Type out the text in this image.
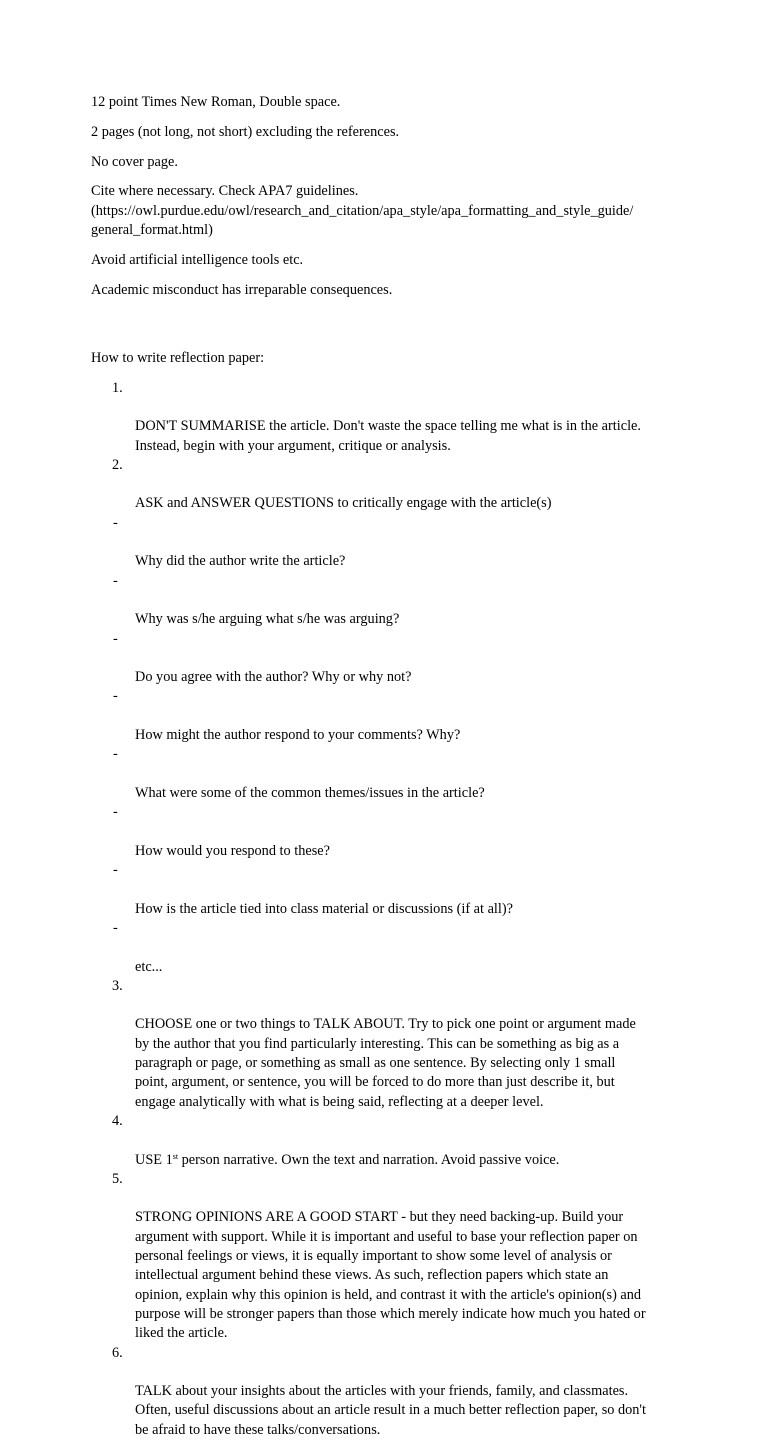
12 point Times New Roman, Double space.

2 pages (not long, not short) excluding the references.

No cover page.

Cite where necessary. Check APA7 guidelines.
(https://owl.purdue.edu/owl/research_and_citation/apa_style/apa_formatting_and_style_guide/
general_format.html)

Avoid artificial intelligence tools etc.

Academic misconduct has irreparable consequences.

How to write reflection paper:

1.

DON'T SUMMARISE the article. Don't waste the space telling me what is in the article.
Instead, begin with your argument, critique or analysis.

2.

ASK and ANSWER QUESTIONS to critically engage with the article(s)

-

Why did the author write the article?

-

Why was s/he arguing what s/he was arguing?

-

Do you agree with the author? Why or why not?

-

How might the author respond to your comments? Why?

-

What were some of the common themes/issues in the article?

-

How would you respond to these?

-

How is the article tied into class material or discussions (if at all)?

-

etc...

3.

CHOOSE one or two things to TALK ABOUT. Try to pick one point or argument made
by the author that you find particularly interesting. This can be something as big as a
paragraph or page, or something as small as one sentence. By selecting only 1 small
point, argument, or sentence, you will be forced to do more than just describe it, but
engage analytically with what is being said, reflecting at a deeper level.

4.

USE 1st person narrative. Own the text and narration. Avoid passive voice.

5.

STRONG OPINIONS ARE A GOOD START - but they need backing-up. Build your
argument with support. While it is important and useful to base your reflection paper on
personal feelings or views, it is equally important to show some level of analysis or
intellectual argument behind these views. As such, reflection papers which state an
opinion, explain why this opinion is held, and contrast it with the article's opinion(s) and
purpose will be stronger papers than those which merely indicate how much you hated or
liked the article.

6.

TALK about your insights about the articles with your friends, family, and classmates.
Often, useful discussions about an article result in a much better reflection paper, so don't
be afraid to have these talks/conversations.
